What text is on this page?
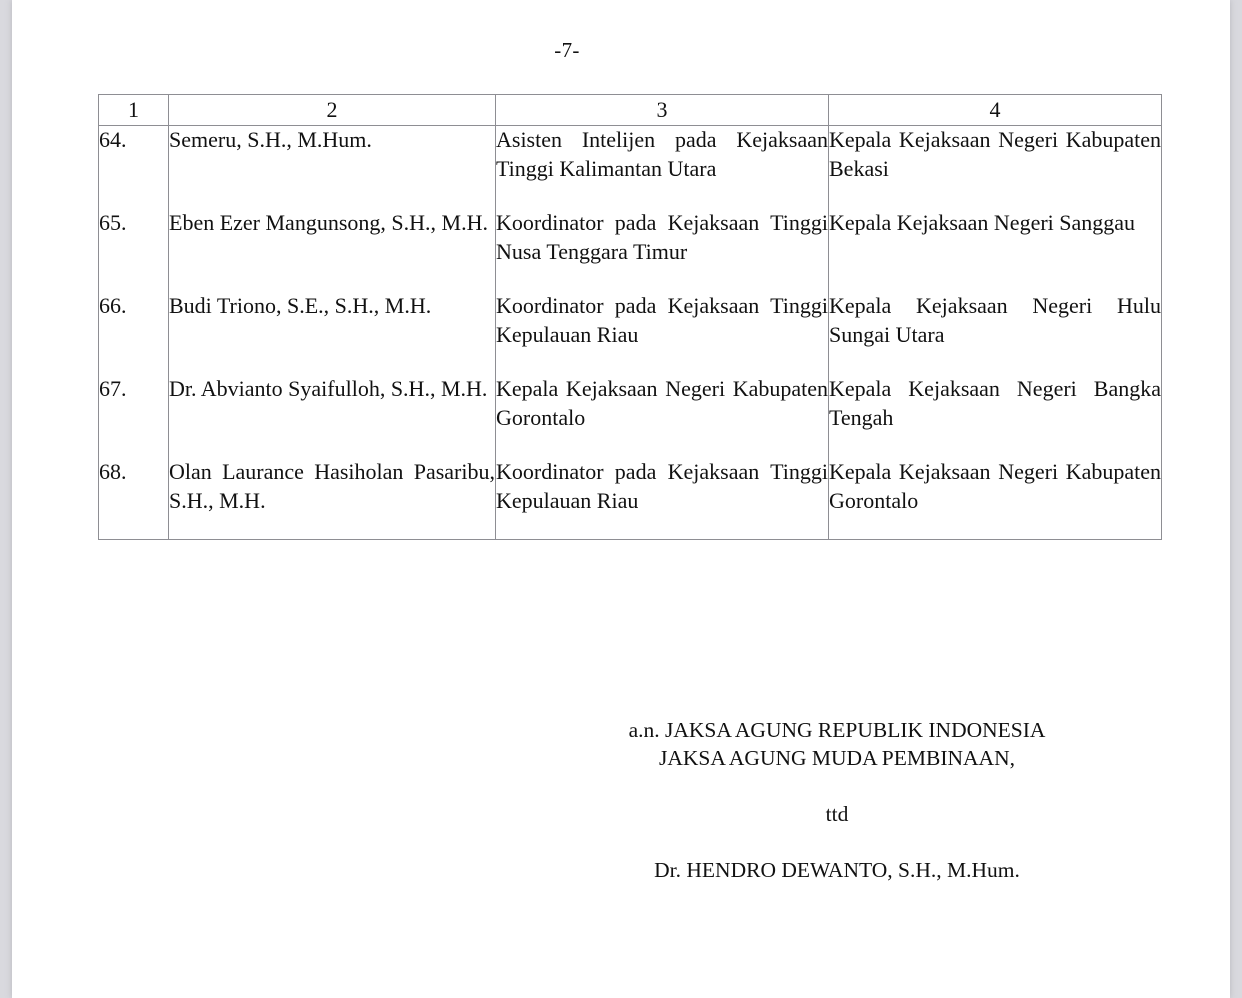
-7-
1	2	3	4
64.	Semeru, S.H., M.Hum.	Asisten Intelijen pada Kejaksaan Tinggi Kalimantan Utara	Kepala Kejaksaan Negeri Kabupaten Bekasi

65.	Eben Ezer Mangunsong, S.H., M.H.	Koordinator pada Kejaksaan Tinggi Nusa Tenggara Timur	Kepala Kejaksaan Negeri Sanggau

66.	Budi Triono, S.E., S.H., M.H.	Koordinator pada Kejaksaan Tinggi Kepulauan Riau	Kepala Kejaksaan Negeri Hulu Sungai Utara

67.	Dr. Abvianto Syaifulloh, S.H., M.H.	Kepala Kejaksaan Negeri Kabupaten Gorontalo	Kepala Kejaksaan Negeri Bangka Tengah

68.	Olan Laurance Hasiholan Pasaribu, S.H., M.H.	Koordinator pada Kejaksaan Tinggi Kepulauan Riau	Kepala Kejaksaan Negeri Kabupaten Gorontalo
a.n. JAKSA AGUNG REPUBLIK INDONESIA
JAKSA AGUNG MUDA PEMBINAAN,
ttd
Dr. HENDRO DEWANTO, S.H., M.Hum.
